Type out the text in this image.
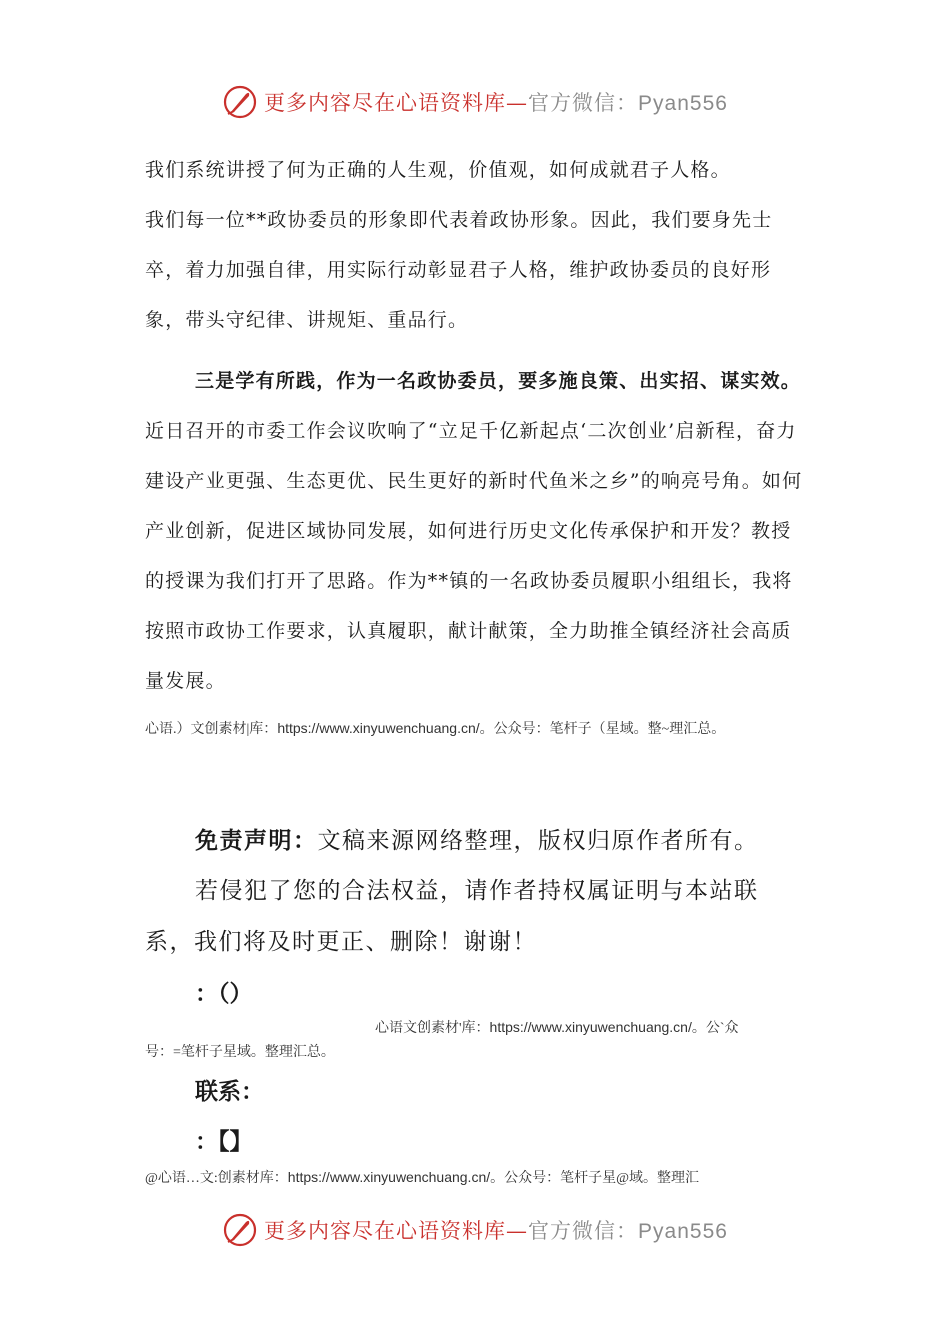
更多内容尽在心语资料库—官方微信：Pyan556

我们系统讲授了何为正确的人生观，价值观，如何成就君子人格。

我们每一位**政协委员的形象即代表着政协形象。因此，我们要身先士卒，着力加强自律，用实际行动彰显君子人格，维护政协委员的良好形象，带头守纪律、讲规矩、重品行。

三是学有所践，作为一名政协委员，要多施良策、出实招、谋实效。近日召开的市委工作会议吹响了“立足千亿新起点‘二次创业’启新程，奋力建设产业更强、生态更优、民生更好的新时代鱼米之乡”的响亮号角。如何产业创新，促进区域协同发展，如何进行历史文化传承保护和开发？教授的授课为我们打开了思路。作为**镇的一名政协委员履职小组组长，我将按照市政协工作要求，认真履职，献计献策，全力助推全镇经济社会高质量发展。

心语.）文创素材|库：https://www.xinyuwenchuang.cn/。公众号：笔杆子（星域。整~理汇总。

免责声明：文稿来源网络整理，版权归原作者所有。

若侵犯了您的合法权益，请作者持权属证明与本站联系，我们将及时更正、删除！谢谢！

：（）

心语文创素材'库：https://www.xinyuwenchuang.cn/。公`众

号：=笔杆子星域。整理汇总。

联系：

：【】

@心语…文:创素材库：https://www.xinyuwenchuang.cn/。公众号：笔杆子星@域。整理汇

更多内容尽在心语资料库—官方微信：Pyan556
